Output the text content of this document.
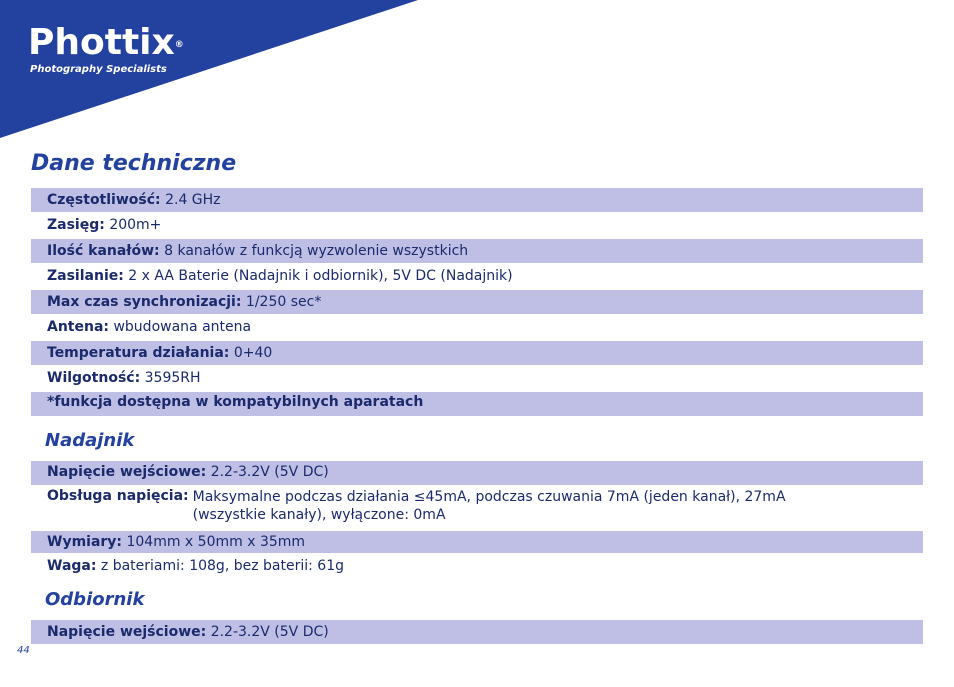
Phottix®
Photography Specialists
Dane techniczne
Częstotliwość: 2.4 GHz
Zasięg: 200m+
Ilość kanałów: 8 kanałów z funkcją wyzwolenie wszystkich
Zasilanie: 2 x AA Baterie (Nadajnik i odbiornik), 5V DC (Nadajnik)
Max czas synchronizacji: 1/250 sec*
Antena: wbudowana antena
Temperatura działania: 0+40
Wilgotność: 3595RH
*funkcja dostępna w kompatybilnych aparatach
Nadajnik
Napięcie wejściowe: 2.2-3.2V (5V DC)
Obsługa napięcia: Maksymalne podczas działania ≤45mA, podczas czuwania 7mA (jeden kanał), 27mA (wszystkie kanały), wyłączone: 0mA
Wymiary: 104mm x 50mm x 35mm
Waga: z bateriami: 108g, bez baterii: 61g
Odbiornik
Napięcie wejściowe: 2.2-3.2V (5V DC)
44
